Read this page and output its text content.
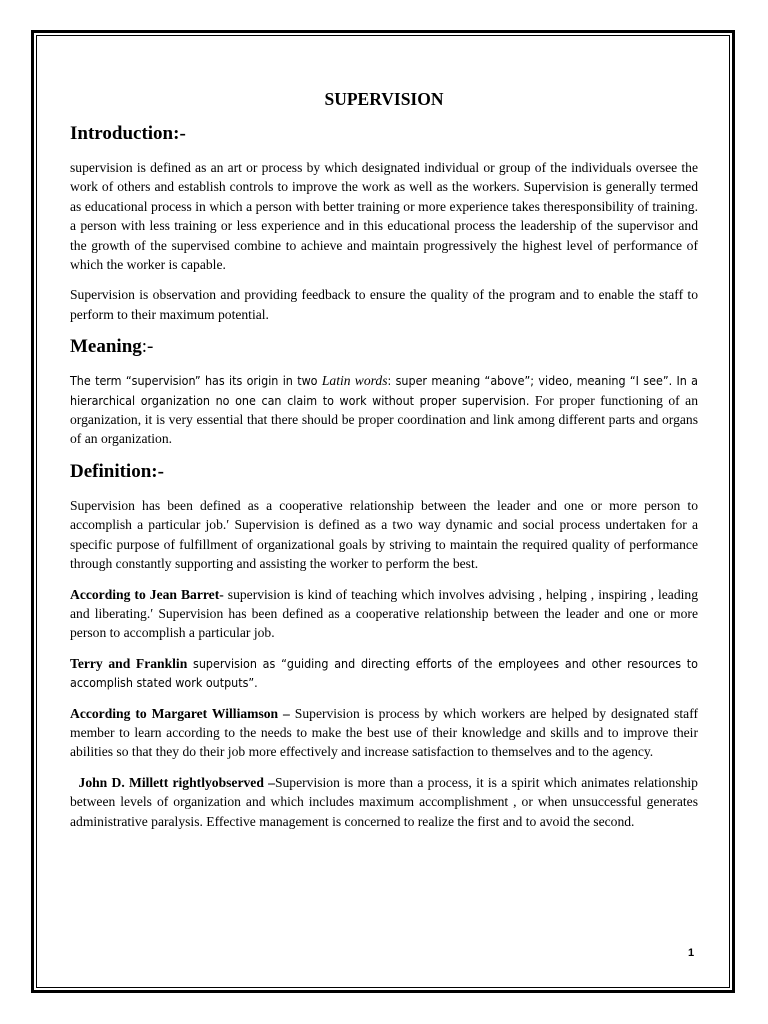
SUPERVISION
Introduction:-

supervision is defined as an art or process by which designated individual or group of the individuals oversee the work of others and establish controls to improve the work as well as the workers. Supervision is generally termed as educational process in which a person with better training or more experience takes theresponsibility of training. a person with less training or less experience and in this educational process the leadership of the supervisor and the growth of the supervised combine to achieve and maintain progressively the highest level of performance of which the worker is capable.

Supervision is observation and providing feedback to ensure the quality of the program and to enable the staff to perform to their maximum potential.

Meaning:-

The term “supervision” has its origin in two Latin words: super meaning “above”; video, meaning “I see”. In a hierarchical organization no one can claim to work without proper supervision. For proper functioning of an organization, it is very essential that there should be proper coordination and link among different parts and organs of an organization.

Definition:-

Supervision has been defined as a cooperative relationship between the leader and one or more person to accomplish a particular job.′ Supervision is defined as a two way dynamic and social process undertaken for a specific purpose of fulfillment of organizational goals by striving to maintain the required quality of performance through constantly supporting and assisting the worker to perform the best.

According to Jean Barret- supervision is kind of teaching which involves advising , helping , inspiring , leading and liberating.′ Supervision has been defined as a cooperative relationship between the leader and one or more person to accomplish a particular job.

Terry and Franklin supervision as “guiding and directing efforts of the employees and other resources to accomplish stated work outputs”.

According to Margaret Williamson – Supervision is process by which workers are helped by designated staff member to learn according to the needs to make the best use of their knowledge and skills and to improve their abilities so that they do their job more effectively and increase satisfaction to themselves and to the agency.

John D. Millett rightlyobserved –Supervision is more than a process, it is a spirit which animates relationship between levels of organization and which includes maximum accomplishment , or when unsuccessful generates administrative paralysis. Effective management is concerned to realize the first and to avoid the second.

1
